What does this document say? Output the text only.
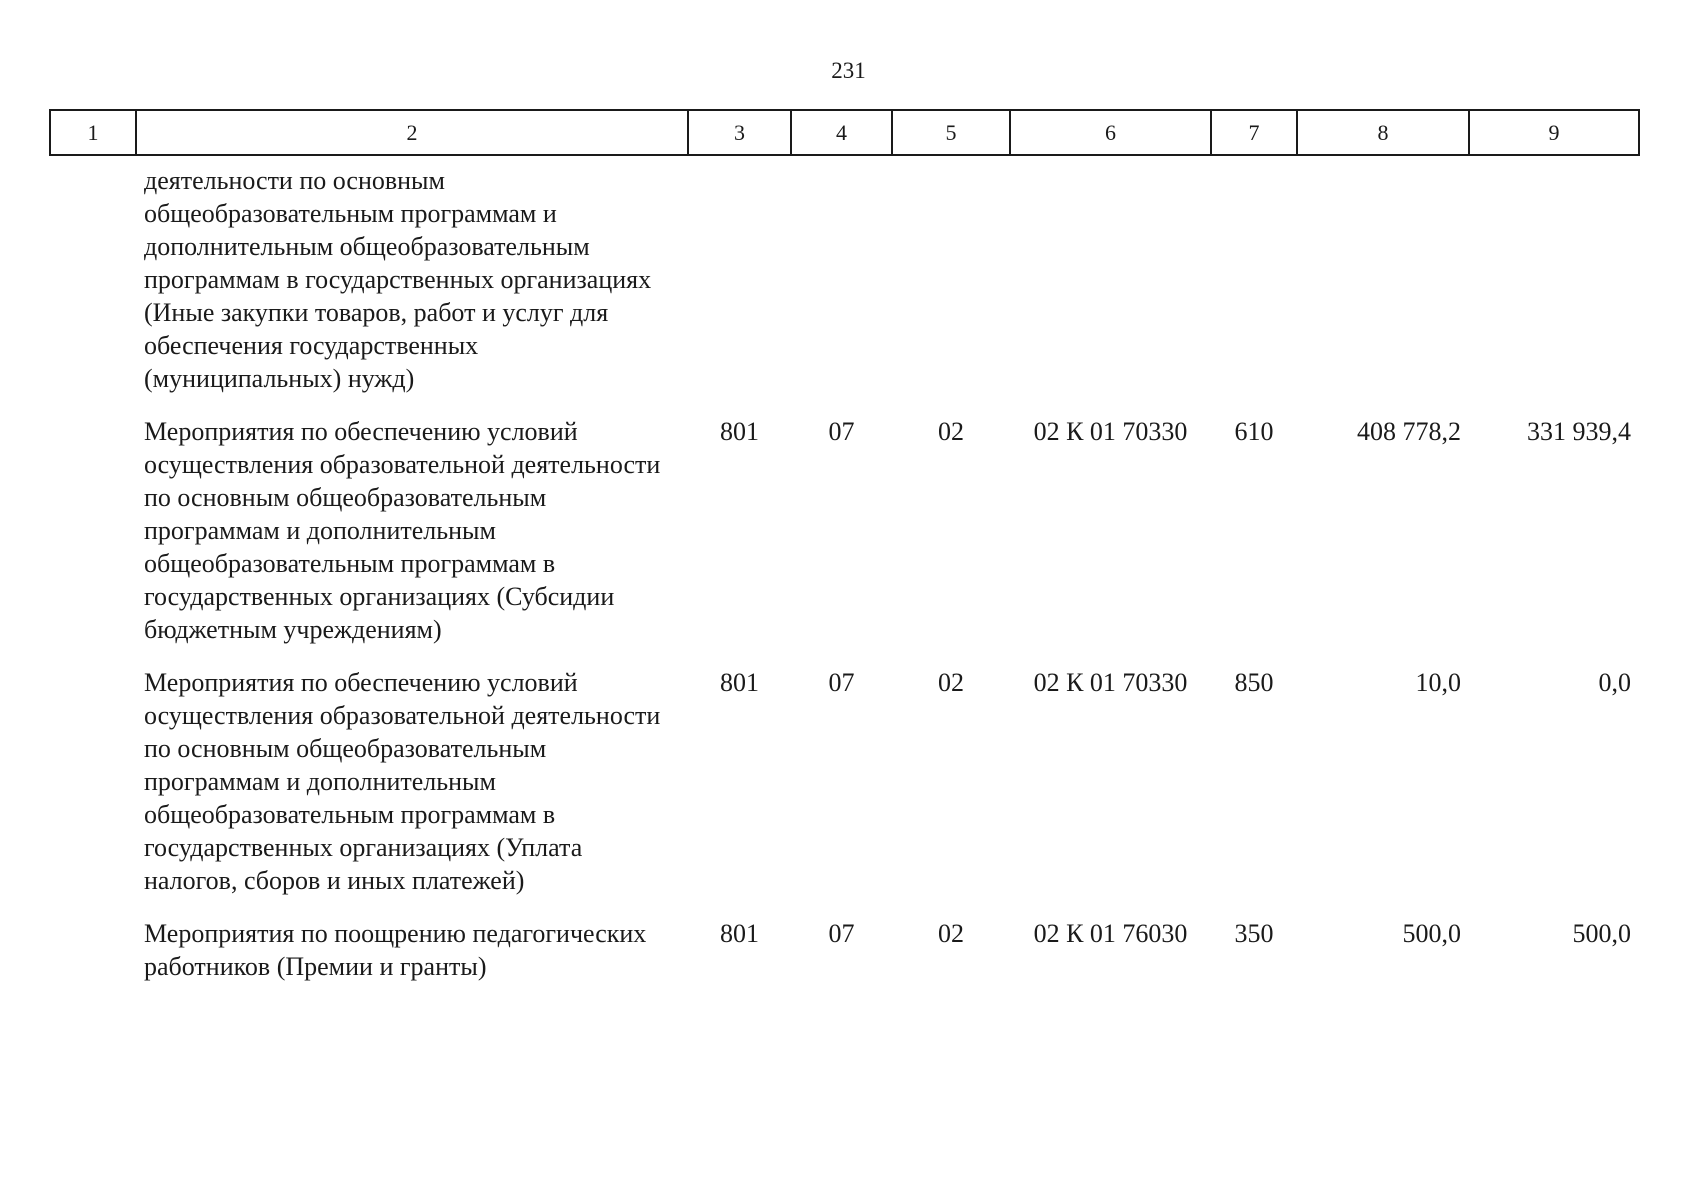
231
1	2	3	4	5	6	7	8	9
	деятельности по основным общеобразовательным программам и дополнительным общеобразовательным программам в государственных организациях (Иные закупки товаров, работ и услуг для обеспечения государственных (муниципальных) нужд)							
	Мероприятия по обеспечению условий осуществления образовательной деятельности по основным общеобразовательным программам и дополнительным общеобразовательным программам в государственных организациях (Субсидии бюджетным учреждениям)	801	07	02	02 К 01 70330	610	408 778,2	331 939,4
	Мероприятия по обеспечению условий осуществления образовательной деятельности по основным общеобразовательным программам и дополнительным общеобразовательным программам в государственных организациях (Уплата налогов, сборов и иных платежей)	801	07	02	02 К 01 70330	850	10,0	0,0
	Мероприятия по поощрению педагогических работников (Премии и гранты)	801	07	02	02 К 01 76030	350	500,0	500,0
